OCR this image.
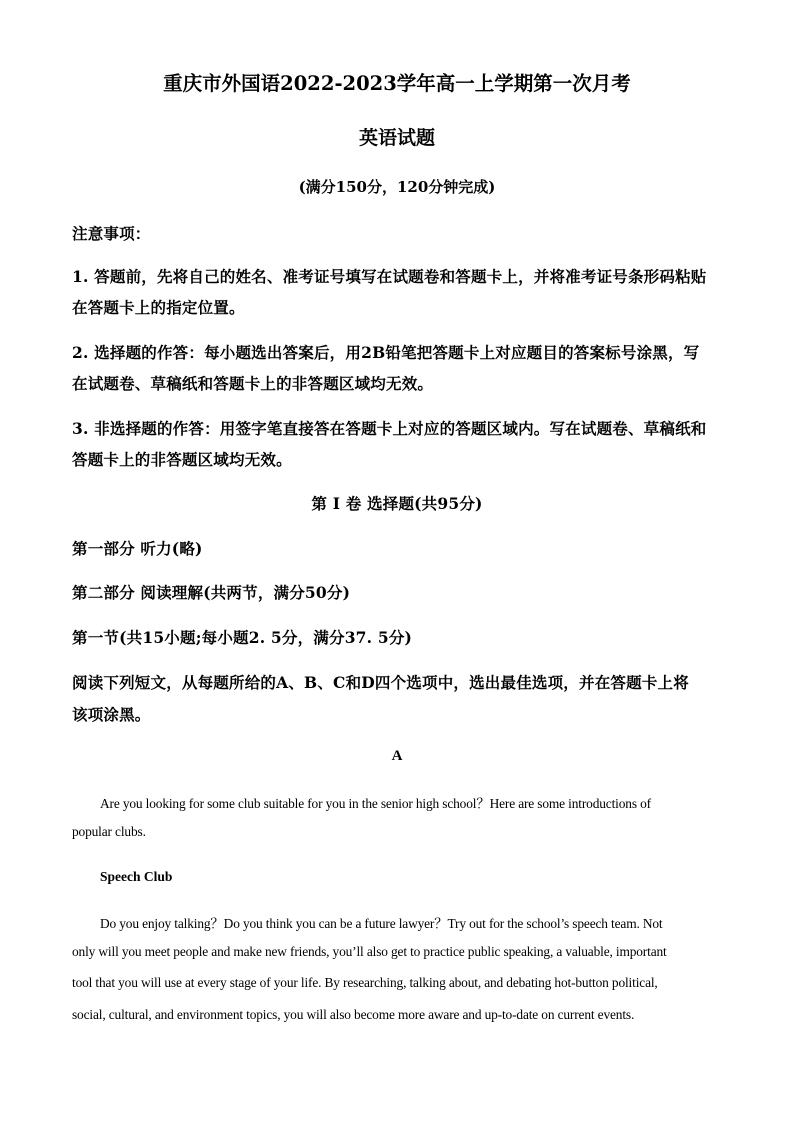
重庆市外国语2022-2023学年高一上学期第一次月考
英语试题
(满分150分，120分钟完成)
注意事项：
1. 答题前，先将自己的姓名、准考证号填写在试题卷和答题卡上，并将准考证号条形码粘贴
在答题卡上的指定位置。
2. 选择题的作答：每小题选出答案后，用2B铅笔把答题卡上对应题目的答案标号涂黑，写
在试题卷、草稿纸和答题卡上的非答题区域均无效。
3. 非选择题的作答：用签字笔直接答在答题卡上对应的答题区域内。写在试题卷、草稿纸和
答题卡上的非答题区域均无效。
第 I 卷 选择题(共95分)
第一部分 听力(略)
第二部分 阅读理解(共两节，满分50分)
第一节(共15小题;每小题2. 5分，满分37. 5分)
阅读下列短文，从每题所给的A、B、C和D四个选项中，选出最佳选项，并在答题卡上将
该项涂黑。
A
Are you looking for some club suitable for you in the senior high school？Here are some introductions of
popular clubs.
Speech Club
Do you enjoy talking？Do you think you can be a future lawyer？Try out for the school’s speech team. Not
only will you meet people and make new friends, you’ll also get to practice public speaking, a valuable, important
tool that you will use at every stage of your life. By researching, talking about, and debating hot-button political,
social, cultural, and environment topics, you will also become more aware and up-to-date on current events.
